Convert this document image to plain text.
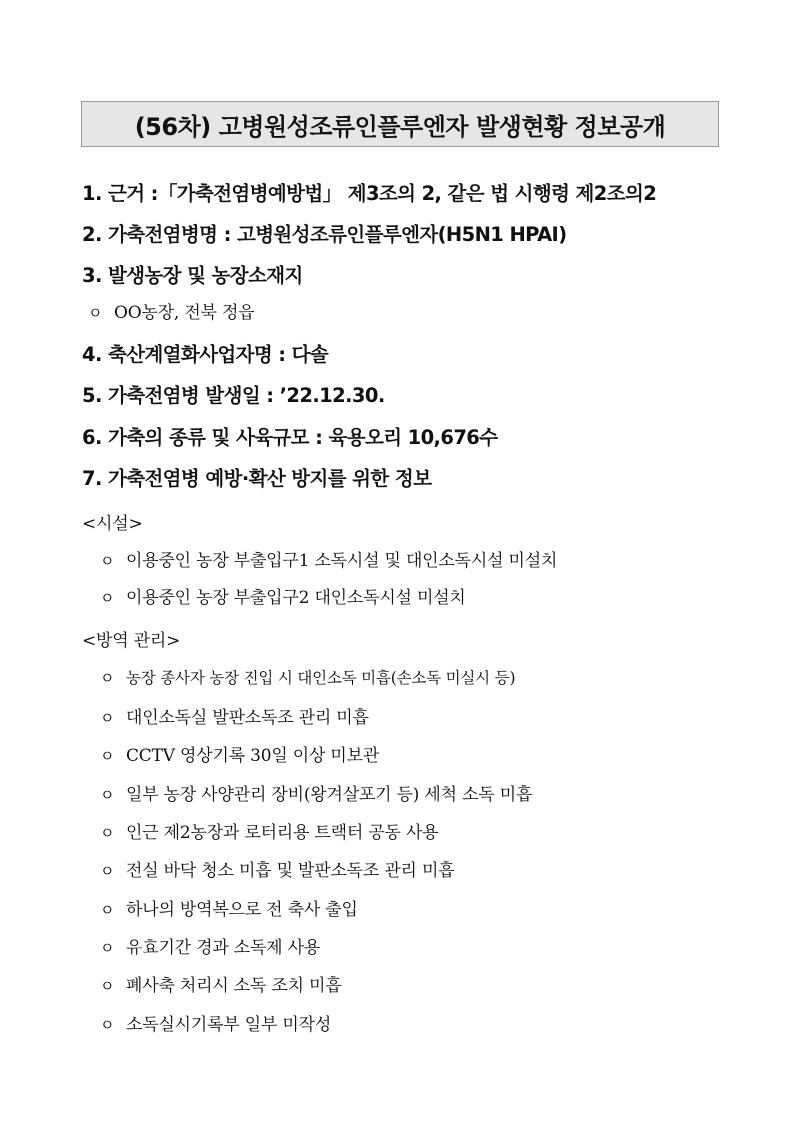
(56차) 고병원성조류인플루엔자 발생현황 정보공개
1. 근거 :「가축전염병예방법」 제3조의 2, 같은 법 시행령 제2조의2
2. 가축전염병명 : 고병원성조류인플루엔자(H5N1 HPAI)
3. 발생농장 및 농장소재지
ㅇ OO농장, 전북 정읍
4. 축산계열화사업자명 : 다솔
5. 가축전염병 발생일 : ’22.12.30.
6. 가축의 종류 및 사육규모 : 육용오리 10,676수
7. 가축전염병 예방·확산 방지를 위한 정보
<시설>
ㅇ 이용중인 농장 부출입구1 소독시설 및 대인소독시설 미설치
ㅇ 이용중인 농장 부출입구2 대인소독시설 미설치
<방역 관리>
ㅇ 농장 종사자 농장 진입 시 대인소독 미흡(손소독 미실시 등)
ㅇ 대인소독실 발판소독조 관리 미흡
ㅇ CCTV 영상기록 30일 이상 미보관
ㅇ 일부 농장 사양관리 장비(왕겨살포기 등) 세척 소독 미흡
ㅇ 인근 제2농장과 로터리용 트랙터 공동 사용
ㅇ 전실 바닥 청소 미흡 및 발판소독조 관리 미흡
ㅇ 하나의 방역복으로 전 축사 출입
ㅇ 유효기간 경과 소독제 사용
ㅇ 폐사축 처리시 소독 조치 미흡
ㅇ 소독실시기록부 일부 미작성
